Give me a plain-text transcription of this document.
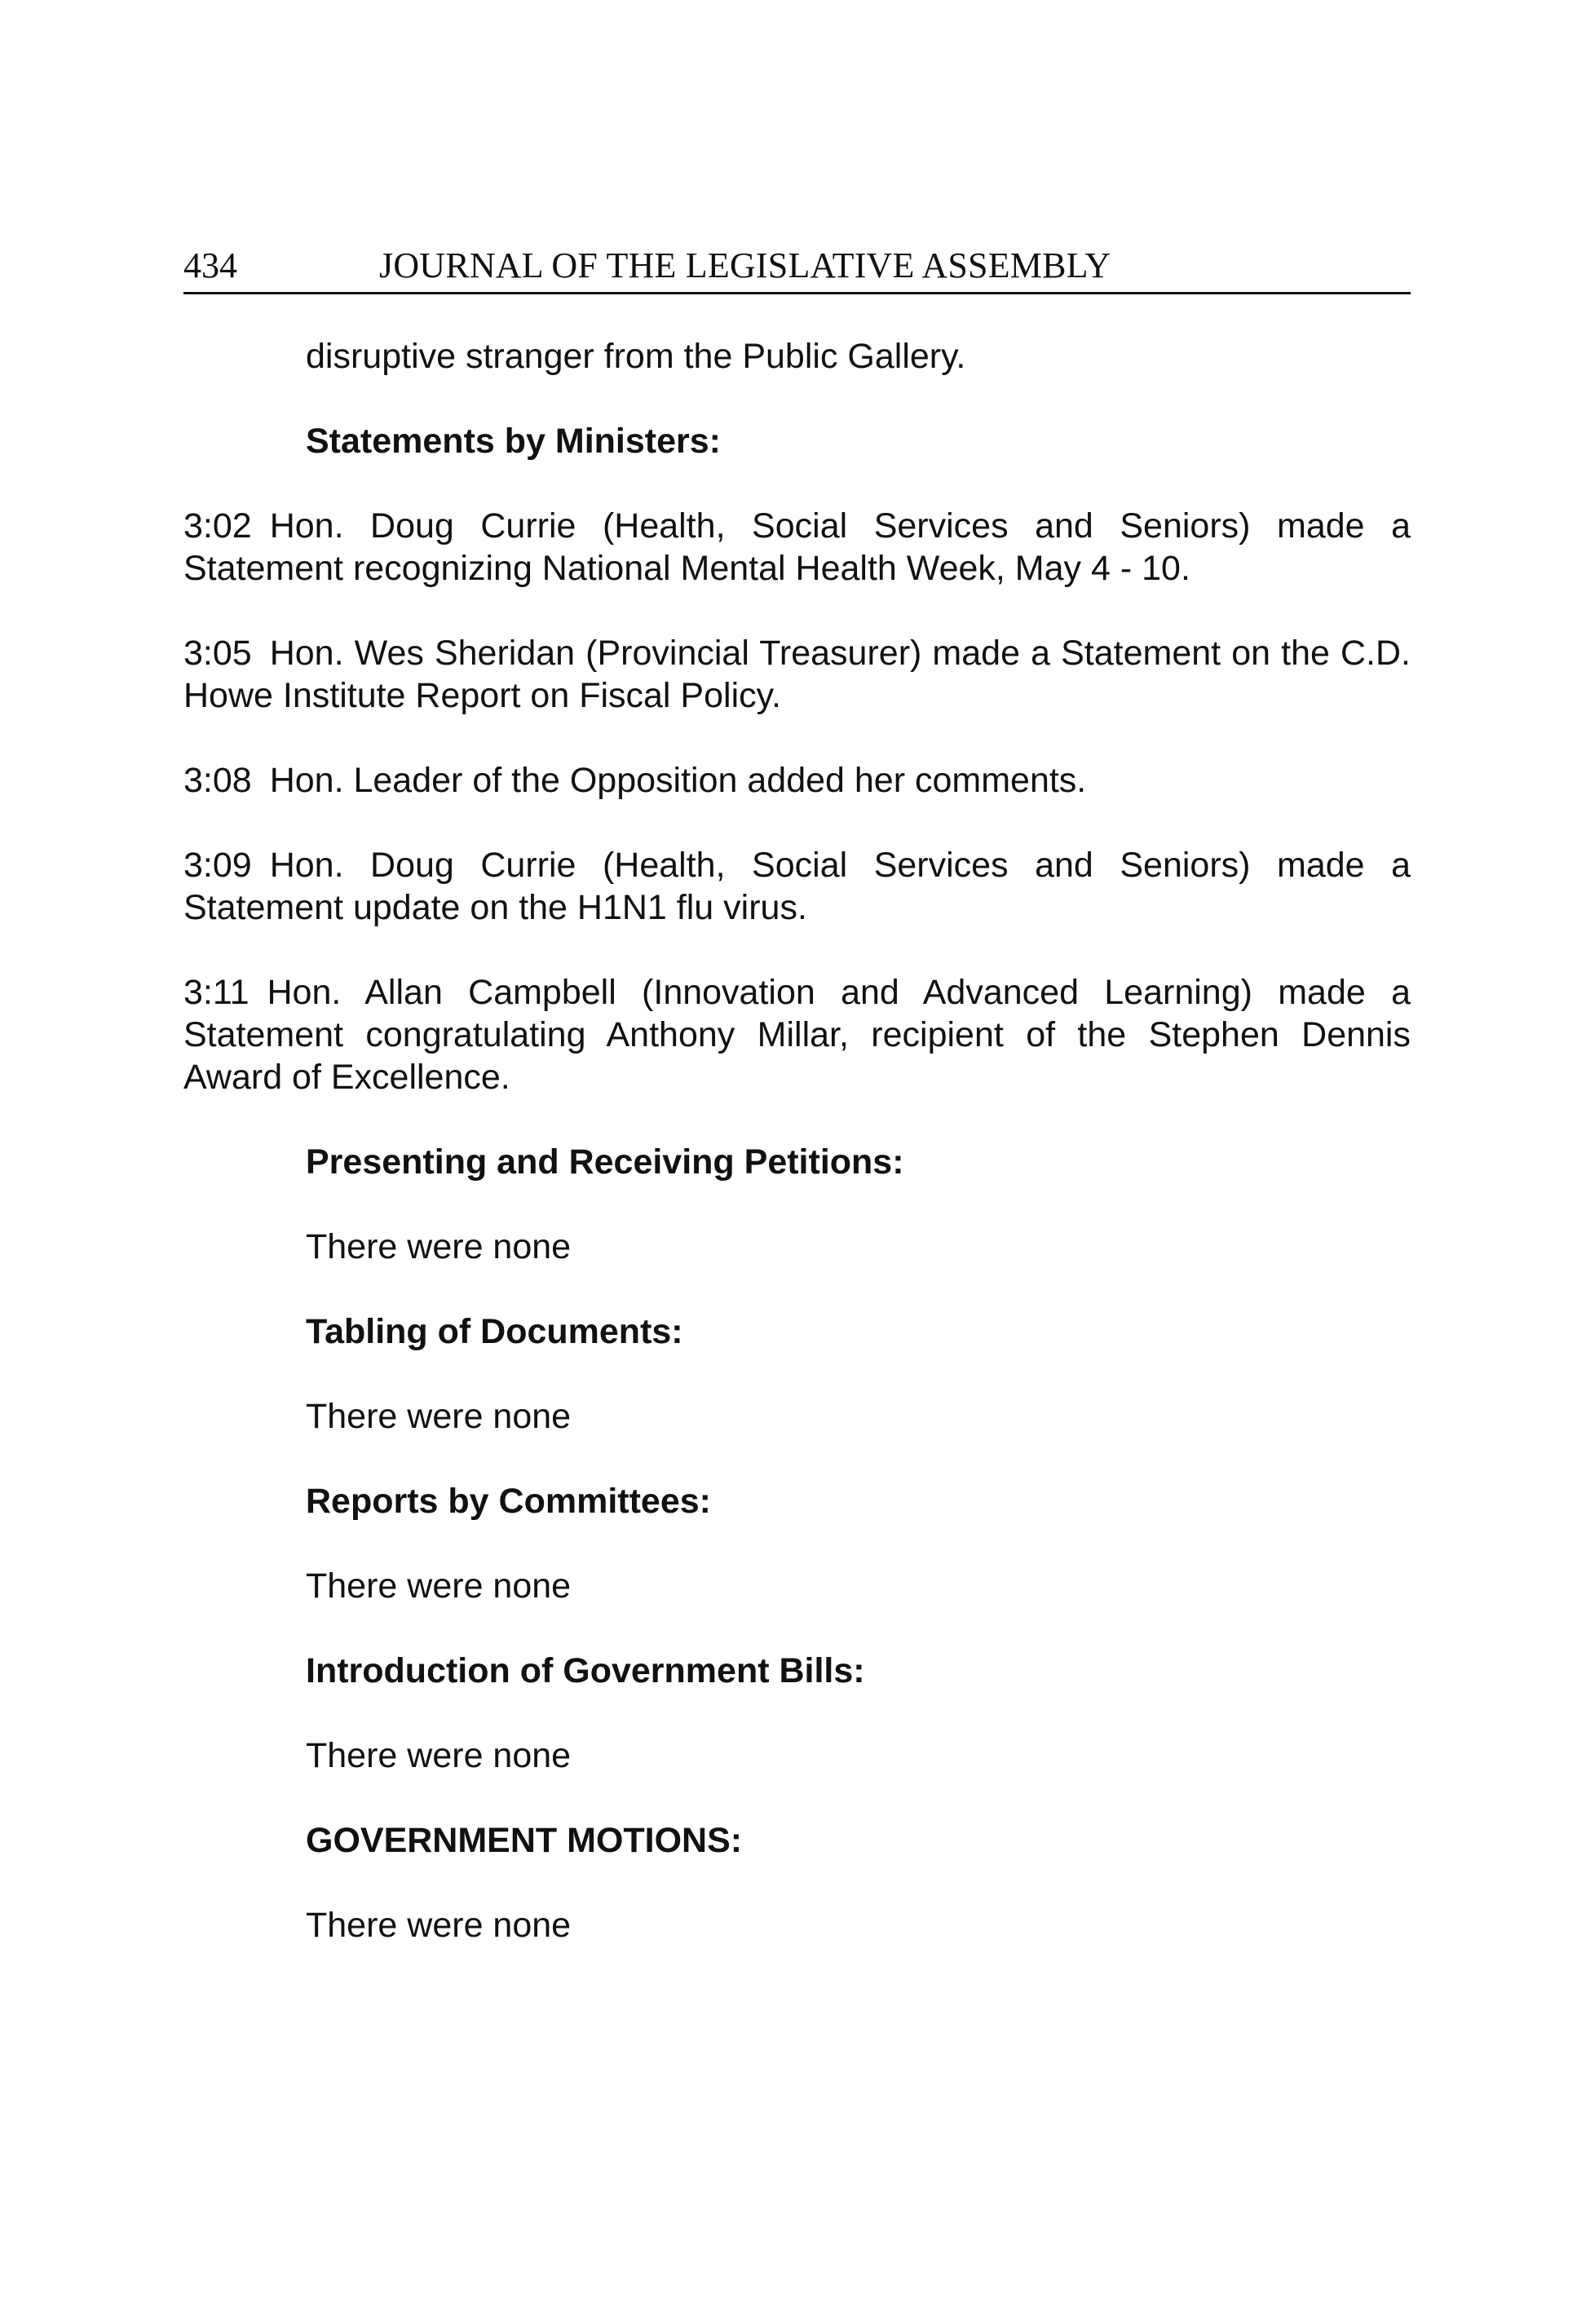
434	JOURNAL OF THE LEGISLATIVE ASSEMBLY

disruptive stranger from the Public Gallery.

Statements by Ministers:

3:02 Hon. Doug Currie (Health, Social Services and Seniors) made a Statement recognizing National Mental Health Week, May 4 - 10.

3:05 Hon. Wes Sheridan (Provincial Treasurer) made a Statement on the C.D. Howe Institute Report on Fiscal Policy.

3:08 Hon. Leader of the Opposition added her comments.

3:09 Hon. Doug Currie (Health, Social Services and Seniors) made a Statement update on the H1N1 flu virus.

3:11 Hon. Allan Campbell (Innovation and Advanced Learning) made a Statement congratulating Anthony Millar, recipient of the Stephen Dennis Award of Excellence.

Presenting and Receiving Petitions:

There were none

Tabling of Documents:

There were none

Reports by Committees:

There were none

Introduction of Government Bills:

There were none

GOVERNMENT MOTIONS:

There were none
